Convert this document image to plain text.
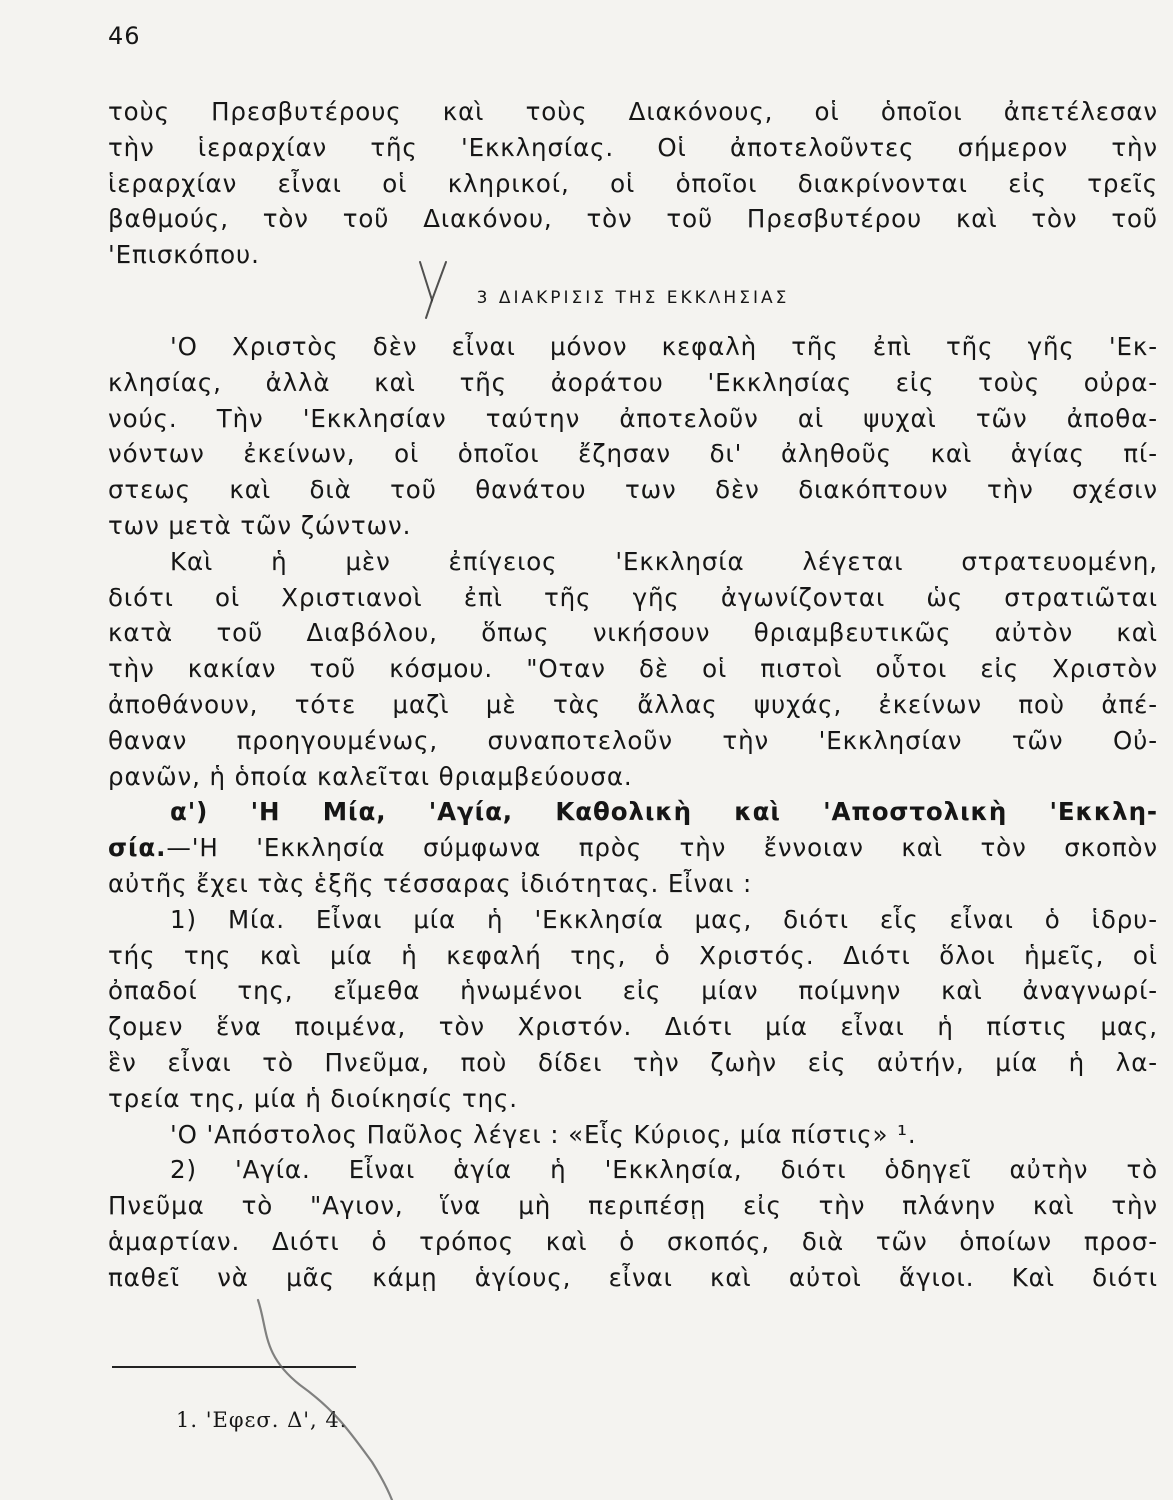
46
τοὺς Πρεσβυτέρους καὶ τοὺς Διακόνους, οἱ ὁποῖοι ἀπετέλεσαν
τὴν ἱεραρχίαν τῆς 'Εκκλησίας. Οἱ ἀποτελοῦντες σήμερον τὴν
ἱεραρχίαν εἶναι οἱ κληρικοί, οἱ ὁποῖοι διακρίνονται εἰς τρεῖς
βαθμούς, τὸν τοῦ Διακόνου, τὸν τοῦ Πρεσβυτέρου καὶ τὸν τοῦ
'Επισκόπου.
3 ΔΙΑΚΡΙΣΙΣ ΤΗΣ ΕΚΚΛΗΣΙΑΣ
'Ο Χριστὸς δὲν εἶναι μόνον κεφαλὴ τῆς ἐπὶ τῆς γῆς 'Εκ-
κλησίας, ἀλλὰ καὶ τῆς ἀοράτου 'Εκκλησίας εἰς τοὺς οὐρα-
νούς. Τὴν 'Εκκλησίαν ταύτην ἀποτελοῦν αἱ ψυχαὶ τῶν ἀποθα-
νόντων ἐκείνων, οἱ ὁποῖοι ἔζησαν δι' ἀληθοῦς καὶ ἁγίας πί-
στεως καὶ διὰ τοῦ θανάτου των δὲν διακόπτουν τὴν σχέσιν
των μετὰ τῶν ζώντων.
Καὶ ἡ μὲν ἐπίγειος 'Εκκλησία λέγεται στρατευομένη,
διότι οἱ Χριστιανοὶ ἐπὶ τῆς γῆς ἀγωνίζονται ὡς στρατιῶται
κατὰ τοῦ Διαβόλου, ὅπως νικήσουν θριαμβευτικῶς αὐτὸν καὶ
τὴν κακίαν τοῦ κόσμου. "Οταν δὲ οἱ πιστοὶ οὗτοι εἰς Χριστὸν
ἀποθάνουν, τότε μαζὶ μὲ τὰς ἄλλας ψυχάς, ἐκείνων ποὺ ἀπέ-
θαναν προηγουμένως, συναποτελοῦν τὴν 'Εκκλησίαν τῶν Οὐ-
ρανῶν, ἡ ὁποία καλεῖται θριαμβεύουσα.
α') 'Η Μία, 'Αγία, Καθολικὴ καὶ 'Αποστολικὴ 'Εκκλη-
σία.—'Η 'Εκκλησία σύμφωνα πρὸς τὴν ἔννοιαν καὶ τὸν σκοπὸν
αὐτῆς ἔχει τὰς ἑξῆς τέσσαρας ἰδιότητας. Εἶναι :
1) Μία. Εἶναι μία ἡ 'Εκκλησία μας, διότι εἷς εἶναι ὁ ἱδρυ-
τής της καὶ μία ἡ κεφαλή της, ὁ Χριστός. Διότι ὅλοι ἡμεῖς, οἱ
ὀπαδοί της, εἴμεθα ἡνωμένοι εἰς μίαν ποίμνην καὶ ἀναγνωρί-
ζομεν ἕνα ποιμένα, τὸν Χριστόν. Διότι μία εἶναι ἡ πίστις μας,
ἓν εἶναι τὸ Πνεῦμα, ποὺ δίδει τὴν ζωὴν εἰς αὐτήν, μία ἡ λα-
τρεία της, μία ἡ διοίκησίς της.
'Ο 'Απόστολος Παῦλος λέγει : «Εἷς Κύριος, μία πίστις» ¹.
2) 'Αγία. Εἶναι ἁγία ἡ 'Εκκλησία, διότι ὁδηγεῖ αὐτὴν τὸ
Πνεῦμα τὸ "Αγιον, ἵνα μὴ περιπέσῃ εἰς τὴν πλάνην καὶ τὴν
ἁμαρτίαν. Διότι ὁ τρόπος καὶ ὁ σκοπός, διὰ τῶν ὁποίων προσ-
παθεῖ νὰ μᾶς κάμῃ ἁγίους, εἶναι καὶ αὐτοὶ ἅγιοι. Καὶ διότι
1. 'Εφεσ. Δ', 4.
